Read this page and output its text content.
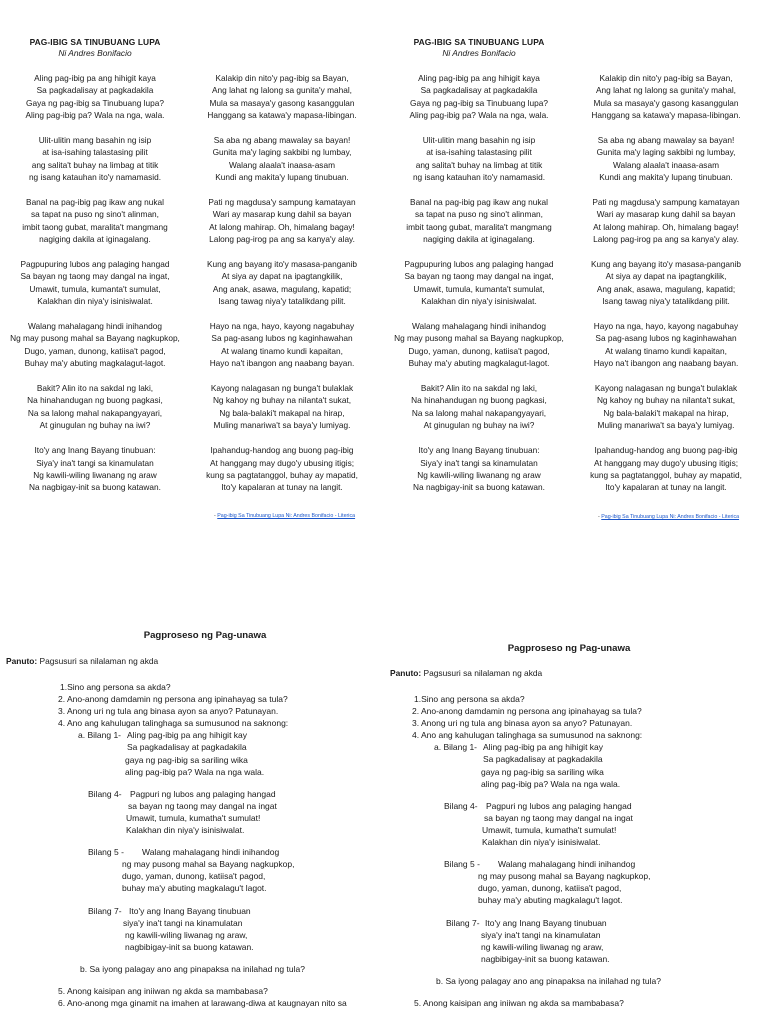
PAG-IBIG SA TINUBUANG LUPA
Ni Andres Bonifacio
Aling pag-ibig pa ang hihigit kaya
Sa pagkadalisay at pagkadakila
Gaya ng pag-ibig sa Tinubuang lupa?
Aling pag-ibig pa? Wala na nga, wala.
Ulit-ulitin mang basahin ng isip
at isa-isahing talastasing pilit
ang salita't buhay na limbag at titik
ng isang katauhan ito'y namamasid.
Banal na pag-ibig pag ikaw ang nukal
sa tapat na puso ng sino't alinman,
imbit taong gubat, maralita't mangmang
nagiging dakila at iginagalang.
Pagpupuring lubos ang palaging hangad
Sa bayan ng taong may dangal na ingat,
Umawit, tumula, kumanta't sumulat,
Kalakhan din niya'y isinisiwalat.
Walang mahalagang hindi inihandog
Ng may pusong mahal sa Bayang nagkupkop,
Dugo, yaman, dunong, katiisa't pagod,
Buhay ma'y abuting magkalagut-lagot.
Bakit? Alin ito na sakdal ng laki,
Na hinahandugan ng buong pagkasi,
Na sa lalong mahal nakapangyayari,
At ginugulan ng buhay na iwi?
Ito'y ang Inang Bayang tinubuan:
Siya'y ina't tangi sa kinamulatan
Ng kawili-wiling liwanang ng araw
Na nagbigay-init sa buong katawan.
Kalakip din nito'y pag-ibig sa Bayan,
Ang lahat ng lalong sa gunita'y mahal,
Mula sa masaya'y gasong kasanggulan
Hanggang sa katawa'y mapasa-libingan.
Sa aba ng abang mawalay sa bayan!
Gunita ma'y laging sakbibi ng lumbay,
Walang alaala't inaasa-asam
Kundi ang makita'y lupang tinubuan.
Pati ng magdusa'y sampung kamatayan
Wari ay masarap kung dahil sa bayan
At lalong mahirap. Oh, himalang bagay!
Lalong pag-irog pa ang sa kanya'y alay.
Kung ang bayang ito'y masasa-panganib
At siya ay dapat na ipagtangkilik,
Ang anak, asawa, magulang, kapatid;
Isang tawag niya'y tatalikdang pilit.
Hayo na nga, hayo, kayong nagabuhay
Sa pag-asang lubos ng kaginhawahan
At walang tinamo kundi kapaitan,
Hayo na't ibangon ang naabang bayan.
Kayong nalagasan ng bunga't bulaklak
Ng kahoy ng buhay na nilanta't sukat,
Ng bala-balaki't makapal na hirap,
Muling manariwa't sa baya'y lumiyag.
Ipahandug-handog ang buong pag-ibig
At hanggang may dugo'y ubusing itigis;
kung sa pagtatanggol, buhay ay mapatid,
Ito'y kapalaran at tunay na langit.
- Pag-ibig Sa Tinubuang Lupa Ni: Andres Bonifacio - Literica
PAG-IBIG SA TINUBUANG LUPA
Ni Andres Bonifacio
Aling pag-ibig pa ang hihigit kaya
Sa pagkadalisay at pagkadakila
Gaya ng pag-ibig sa Tinubuang lupa?
Aling pag-ibig pa? Wala na nga, wala.
Ulit-ulitin mang basahin ng isip
at isa-isahing talastasing pilit
ang salita't buhay na limbag at titik
ng isang katauhan ito'y namamasid.
Banal na pag-ibig pag ikaw ang nukal
sa tapat na puso ng sino't alinman,
imbit taong gubat, maralita't mangmang
nagiging dakila at iginagalang.
Pagpupuring lubos ang palaging hangad
Sa bayan ng taong may dangal na ingat,
Umawit, tumula, kumanta't sumulat,
Kalakhan din niya'y isinisiwalat.
Walang mahalagang hindi inihandog
Ng may pusong mahal sa Bayang nagkupkop,
Dugo, yaman, dunong, katiisa't pagod,
Buhay ma'y abuting magkalagut-lagot.
Bakit? Alin ito na sakdal ng laki,
Na hinahandugan ng buong pagkasi,
Na sa lalong mahal nakapangyayari,
At ginugulan ng buhay na iwi?
Ito'y ang Inang Bayang tinubuan:
Siya'y ina't tangi sa kinamulatan
Ng kawili-wiling liwanang ng araw
Na nagbigay-init sa buong katawan.
Kalakip din nito'y pag-ibig sa Bayan,
Ang lahat ng lalong sa gunita'y mahal,
Mula sa masaya'y gasong kasanggulan
Hanggang sa katawa'y mapasa-libingan.
Sa aba ng abang mawalay sa bayan!
Gunita ma'y laging sakbibi ng lumbay,
Walang alaala't inaasa-asam
Kundi ang makita'y lupang tinubuan.
Pati ng magdusa'y sampung kamatayan
Wari ay masarap kung dahil sa bayan
At lalong mahirap. Oh, himalang bagay!
Lalong pag-irog pa ang sa kanya'y alay.
Kung ang bayang ito'y masasa-panganib
At siya ay dapat na ipagtangkilik,
Ang anak, asawa, magulang, kapatid;
Isang tawag niya'y tatalikdang pilit.
Hayo na nga, hayo, kayong nagabuhay
Sa pag-asang lubos ng kaginhawahan
At walang tinamo kundi kapaitan,
Hayo na't ibangon ang naabang bayan.
Kayong nalagasan ng bunga't bulaklak
Ng kahoy ng buhay na nilanta't sukat,
Ng bala-balaki't makapal na hirap,
Muling manariwa't sa baya'y lumiyag.
Ipahandug-handog ang buong pag-ibig
At hanggang may dugo'y ubusing itigis;
kung sa pagtatanggol, buhay ay mapatid,
Ito'y kapalaran at tunay na langit.
- Pag-ibig Sa Tinubuang Lupa Ni: Andres Bonifacio - Literica
Pagproseso ng Pag-unawa
Panuto: Pagsusuri sa nilalaman ng akda
1.Sino ang persona sa akda?
2. Ano-anong damdamin ng persona ang ipinahayag sa tula?
3. Anong uri ng tula ang binasa ayon sa anyo? Patunayan.
4. Ano ang kahulugan talinghaga sa sumusunod na saknong:
a. Bilang 1- Aling pag-ibig pa ang hihigit kay
Sa pagkadalisay at pagkadakila
gaya ng pag-ibig sa sariling wika
aling pag-ibig pa? Wala na nga wala.
Bilang 4- Pagpuri ng lubos ang palaging hangad
sa bayan ng taong may dangal na ingat
Umawit, tumula, kumatha't sumulat!
Kalakhan din niya'y isinisiwalat.
Bilang 5 - Walang mahalagang hindi inihandog
ng may pusong mahal sa Bayang nagkupkop,
dugo, yaman, dunong, katiisa't pagod,
buhay ma'y abuting magkalagu't lagot.
Bilang 7- Ito'y ang Inang Bayang tinubuan
siya'y ina't tangi na kinamulatan
ng kawili-wiling liwanag ng araw,
nagbibigay-init sa buong katawan.
b. Sa iyong palagay ano ang pinapaksa na inilahad ng tula?
5. Anong kaisipan ang iniiwan ng akda sa mambabasa?
6. Ano-anong mga ginamit na imahen at larawang-diwa at kaugnayan nito sa
Pagproseso ng Pag-unawa
Panuto: Pagsusuri sa nilalaman ng akda
1.Sino ang persona sa akda?
2. Ano-anong damdamin ng persona ang ipinahayag sa tula?
3. Anong uri ng tula ang binasa ayon sa anyo? Patunayan.
4. Ano ang kahulugan talinghaga sa sumusunod na saknong:
a. Bilang 1- Aling pag-ibig pa ang hihigit kay
Sa pagkadalisay at pagkadakila
gaya ng pag-ibig sa sariling wika
aling pag-ibig pa? Wala na nga wala.
Bilang 4- Pagpuri ng lubos ang palaging hangad
sa bayan ng taong may dangal na ingat
Umawit, tumula, kumatha't sumulat!
Kalakhan din niya'y isinisiwalat.
Bilang 5 - Walang mahalagang hindi inihandog
ng may pusong mahal sa Bayang nagkupkop,
dugo, yaman, dunong, katiisa't pagod,
buhay ma'y abuting magkalagu't lagot.
Bilang 7- Ito'y ang Inang Bayang tinubuan
siya'y ina't tangi na kinamulatan
ng kawili-wiling liwanag ng araw,
nagbibigay-init sa buong katawan.
b. Sa iyong palagay ano ang pinapaksa na inilahad ng tula?
5. Anong kaisipan ang iniiwan ng akda sa mambabasa?
